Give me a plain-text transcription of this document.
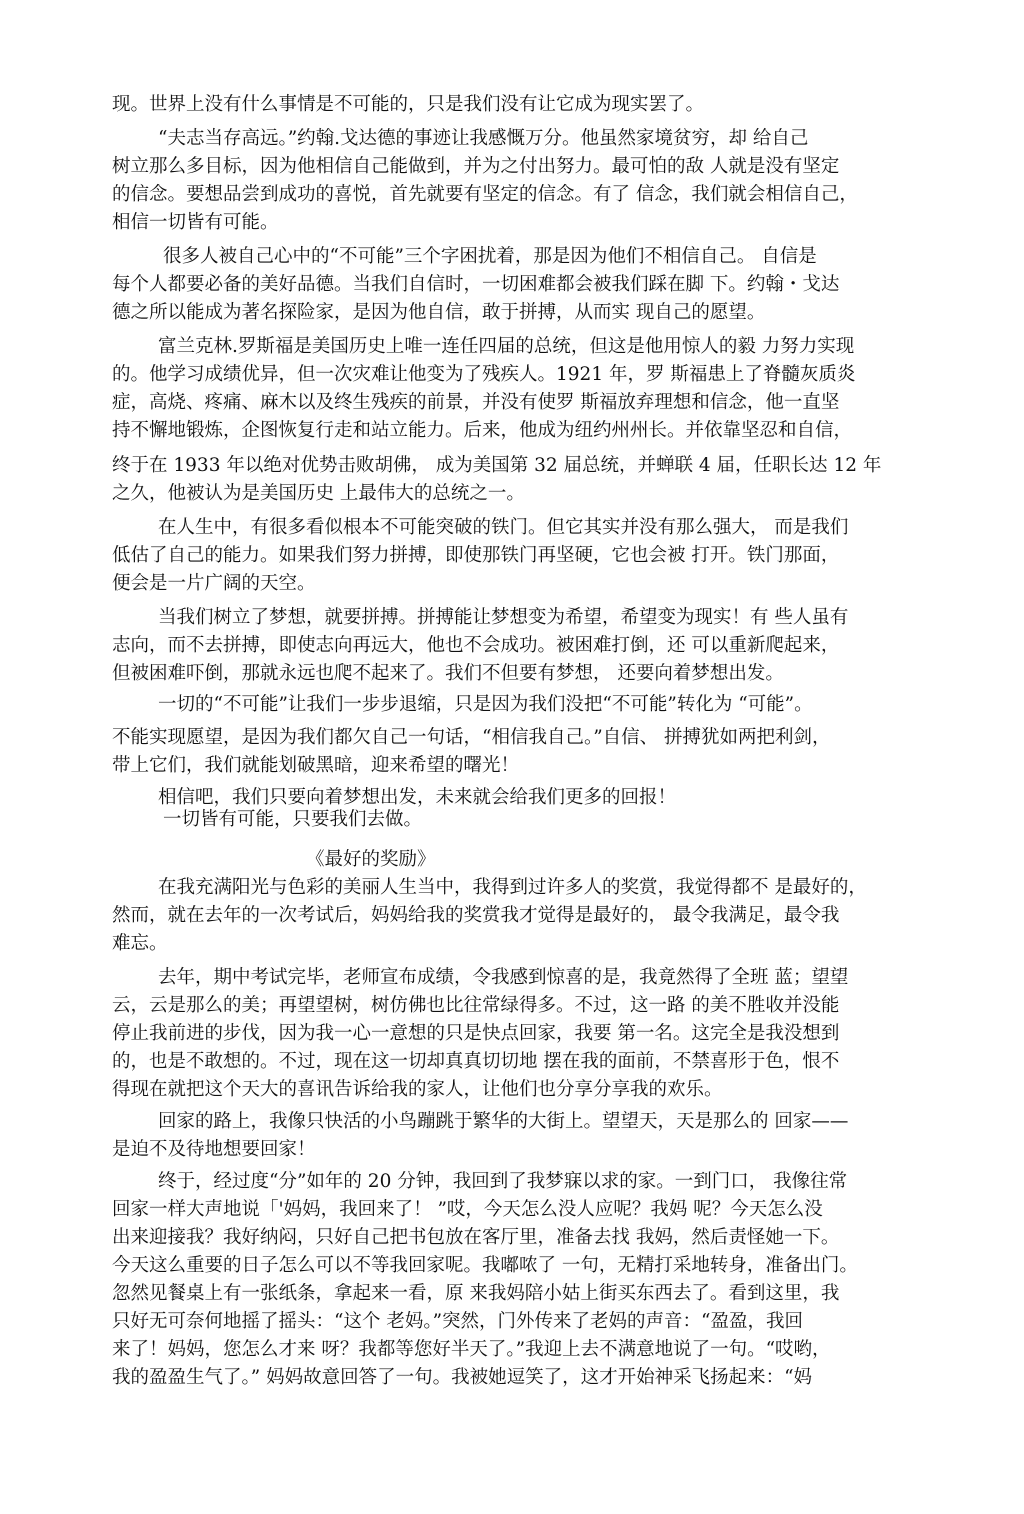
现。世界上没有什么事情是不可能的，只是我们没有让它成为现实罢了。
“夫志当存高远。”约翰.戈达德的事迹让我感慨万分。他虽然家境贫穷，却 给自己
树立那么多目标，因为他相信自己能做到，并为之付出努力。最可怕的敌 人就是没有坚定
的信念。要想品尝到成功的喜悦，首先就要有坚定的信念。有了 信念，我们就会相信自己，
相信一切皆有可能。
很多人被自己心中的“不可能”三个字困扰着，那是因为他们不相信自己。 自信是
每个人都要必备的美好品德。当我们自信时，一切困难都会被我们踩在脚 下。约翰・戈达
德之所以能成为著名探险家，是因为他自信，敢于拼搏，从而实 现自己的愿望。
富兰克林.罗斯福是美国历史上唯一连任四届的总统，但这是他用惊人的毅 力努力实现
的。他学习成绩优异，但一次灾难让他变为了残疾人。1921 年，罗 斯福患上了脊髓灰质炎
症，高烧、疼痛、麻木以及终生残疾的前景，并没有使罗 斯福放弃理想和信念，他一直坚
持不懈地锻炼，企图恢复行走和站立能力。后来，他成为纽约州州长。并依靠坚忍和自信，
终于在 1933 年以绝对优势击败胡佛， 成为美国第 32 届总统，并蝉联 4 届，任职长达 12 年
之久，他被认为是美国历史 上最伟大的总统之一。
在人生中，有很多看似根本不可能突破的铁门。但它其实并没有那么强大， 而是我们
低估了自己的能力。如果我们努力拼搏，即使那铁门再坚硬，它也会被 打开。铁门那面，
便会是一片广阔的天空。
当我们树立了梦想，就要拼搏。拼搏能让梦想变为希望，希望变为现实！有 些人虽有
志向，而不去拼搏，即使志向再远大，他也不会成功。被困难打倒，还 可以重新爬起来，
但被困难吓倒，那就永远也爬不起来了。我们不但要有梦想， 还要向着梦想出发。
一切的“不可能”让我们一步步退缩，只是因为我们没把“不可能”转化为 “可能”。
不能实现愿望，是因为我们都欠自己一句话，“相信我自己。”自信、 拼搏犹如两把利剑，
带上它们，我们就能划破黑暗，迎来希望的曙光！
相信吧，我们只要向着梦想出发，未来就会给我们更多的回报！
一切皆有可能，只要我们去做。
《最好的奖励》
在我充满阳光与色彩的美丽人生当中，我得到过许多人的奖赏，我觉得都不 是最好的，
然而，就在去年的一次考试后，妈妈给我的奖赏我才觉得是最好的， 最令我满足，最令我
难忘。
去年，期中考试完毕，老师宣布成绩，令我感到惊喜的是，我竟然得了全班 蓝；望望
云，云是那么的美；再望望树，树仿佛也比往常绿得多。不过，这一路 的美不胜收并没能
停止我前进的步伐，因为我一心一意想的只是快点回家，我要 第一名。这完全是我没想到
的，也是不敢想的。不过，现在这一切却真真切切地 摆在我的面前，不禁喜形于色，恨不
得现在就把这个天大的喜讯告诉给我的家人，让他们也分享分享我的欢乐。
回家的路上，我像只快活的小鸟蹦跳于繁华的大街上。望望天，天是那么的 回家——
是迫不及待地想要回家！
终于，经过度“分”如年的 20 分钟，我回到了我梦寐以求的家。一到门口， 我像往常
回家一样大声地说「'妈妈，我回来了！ ”哎，今天怎么没人应呢？我妈 呢？今天怎么没
出来迎接我？我好纳闷，只好自己把书包放在客厅里，准备去找 我妈，然后责怪她一下。
今天这么重要的日子怎么可以不等我回家呢。我嘟哝了 一句，无精打采地转身，准备出门。
忽然见餐桌上有一张纸条，拿起来一看，原 来我妈陪小姑上街买东西去了。看到这里，我
只好无可奈何地摇了摇头：“这个 老妈。”突然，门外传来了老妈的声音：“盈盈，我回
来了！妈妈，您怎么才来 呀？我都等您好半天了。”我迎上去不满意地说了一句。“哎哟，
我的盈盈生气了。” 妈妈故意回答了一句。我被她逗笑了，这才开始神采飞扬起来：“妈
